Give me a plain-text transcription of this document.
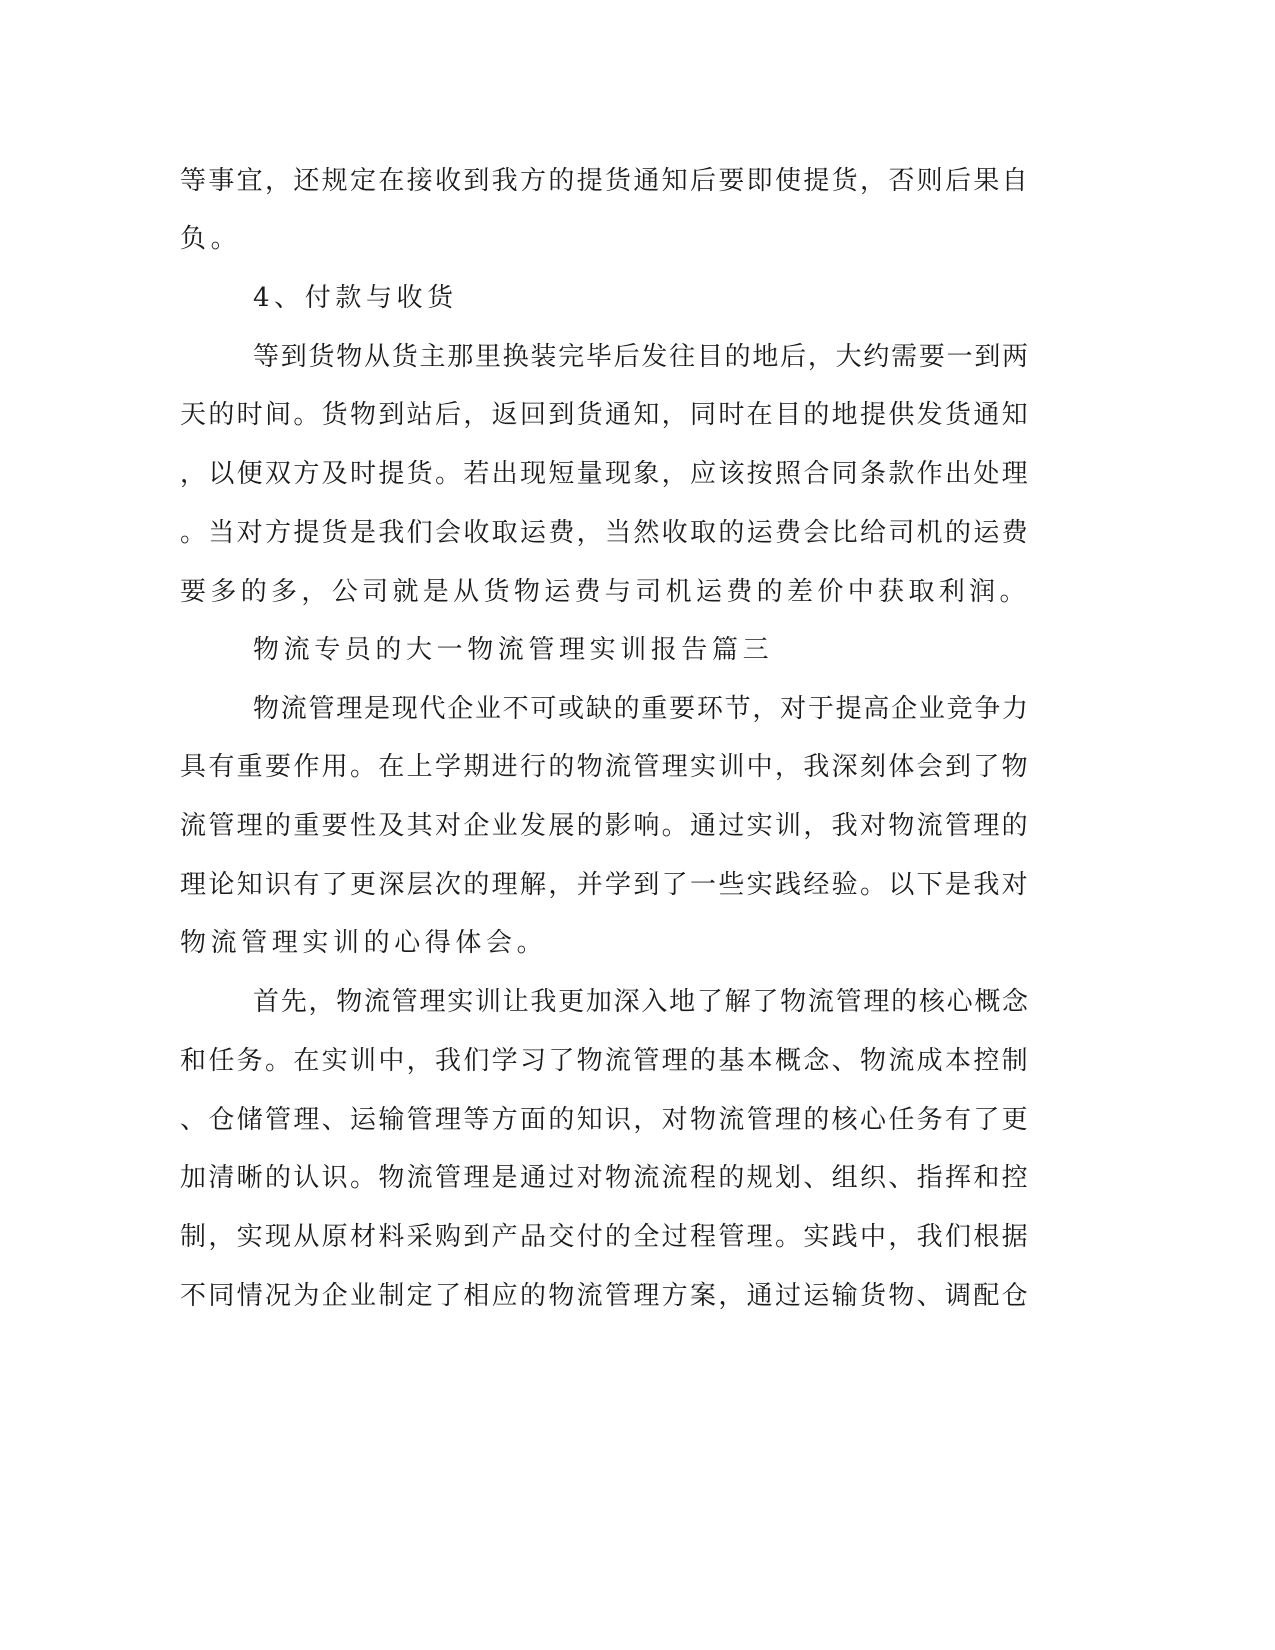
等事宜，还规定在接收到我方的提货通知后要即使提货，否则后果自
负。
4、付款与收货
等到货物从货主那里换装完毕后发往目的地后，大约需要一到两
天的时间。货物到站后，返回到货通知，同时在目的地提供发货通知
，以便双方及时提货。若出现短量现象，应该按照合同条款作出处理
。当对方提货是我们会收取运费，当然收取的运费会比给司机的运费
要多的多，公司就是从货物运费与司机运费的差价中获取利润。
物流专员的大一物流管理实训报告篇三
物流管理是现代企业不可或缺的重要环节，对于提高企业竞争力
具有重要作用。在上学期进行的物流管理实训中，我深刻体会到了物
流管理的重要性及其对企业发展的影响。通过实训，我对物流管理的
理论知识有了更深层次的理解，并学到了一些实践经验。以下是我对
物流管理实训的心得体会。
首先，物流管理实训让我更加深入地了解了物流管理的核心概念
和任务。在实训中，我们学习了物流管理的基本概念、物流成本控制
、仓储管理、运输管理等方面的知识，对物流管理的核心任务有了更
加清晰的认识。物流管理是通过对物流流程的规划、组织、指挥和控
制，实现从原材料采购到产品交付的全过程管理。实践中，我们根据
不同情况为企业制定了相应的物流管理方案，通过运输货物、调配仓
